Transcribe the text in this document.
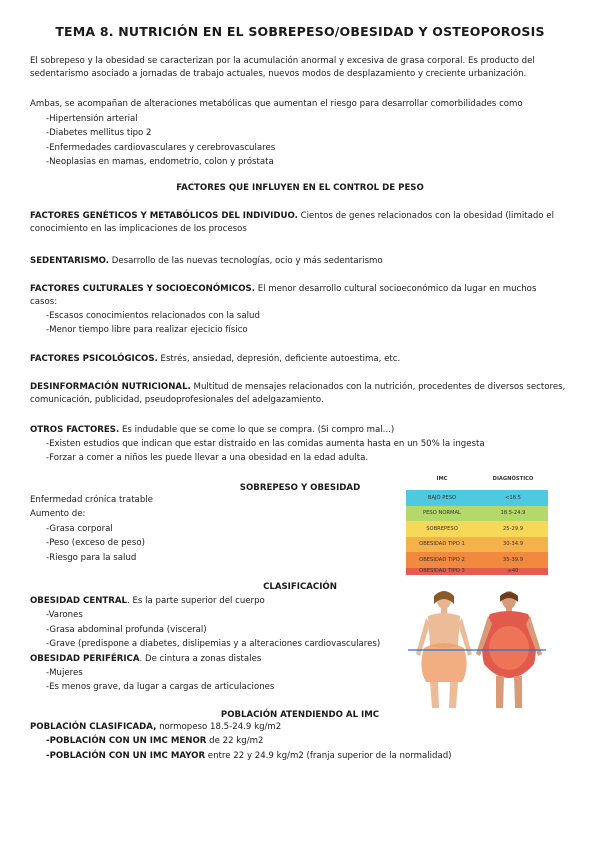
TEMA 8. NUTRICIÓN EN EL SOBREPESO/OBESIDAD Y OSTEOPOROSIS
El sobrepeso y la obesidad se caracterizan por la acumulación anormal y excesiva de grasa corporal. Es producto del sedentarismo asociado a jornadas de trabajo actuales, nuevos modos de desplazamiento y creciente urbanización.
Ambas, se acompañan de alteraciones metabólicas que aumentan el riesgo para desarrollar comorbilidades como
-Hipertensión arterial
-Diabetes mellitus tipo 2
-Enfermedades cardiovasculares y cerebrovasculares
-Neoplasias en mamas, endometrio, colon y próstata
FACTORES QUE INFLUYEN EN EL CONTROL DE PESO
FACTORES GENÉTICOS Y METABÓLICOS DEL INDIVIDUO. Cientos de genes relacionados con la obesidad (limitado el conocimiento en las implicaciones de los procesos
SEDENTARISMO. Desarrollo de las nuevas tecnologías, ocio y más sedentarismo
FACTORES CULTURALES Y SOCIOECONÓMICOS. El menor desarrollo cultural socioeconómico da lugar en muchos casos:
-Escasos conocimientos relacionados con la salud
-Menor tiempo libre para realizar ejecicio físico
FACTORES PSICOLÓGICOS. Estrés, ansiedad, depresión, deficiente autoestima, etc.
DESINFORMACIÓN NUTRICIONAL. Multitud de mensajes relacionados con la nutrición, procedentes de diversos sectores, comunicación, publicidad, pseudoprofesionales del adelgazamiento.
OTROS FACTORES. Es indudable que se come lo que se compra. (Si compro mal...)
-Existen estudios que indican que estar distraido en las comidas aumenta hasta en un 50% la ingesta
-Forzar a comer a niños les puede llevar a una obesidad en la edad adulta.
SOBREPESO Y OBESIDAD
Enfermedad crónica tratable
Aumento de:
-Grasa corporal
-Peso (exceso de peso)
-Riesgo para la salud
CLASIFICACIÓN
OBESIDAD CENTRAL. Es la parte superior del cuerpo
-Varones
-Grasa abdominal profunda (visceral)
-Grave (predispone a diabetes, dislipemias y a alteraciones cardiovasculares)
OBESIDAD PERIFÉRICA. De cintura a zonas distales
-Mujeres
-Es menos grave, da lugar a cargas de articulaciones
POBLACIÓN ATENDIENDO AL IMC
POBLACIÓN CLASIFICADA, normopeso 18.5-24.9 kg/m2
-POBLACIÓN CON UN IMC MENOR de 22 kg/m2
-POBLACIÓN CON UN IMC MAYOR entre 22 y 24.9 kg/m2 (franja superior de la normalidad)
IMC	DIAGNÓSTICO
BAJO PESO	<18.5
PESO NORMAL	18.5-24.9
SOBREPESO	25-29.9
OBESIDAD TIPO 1	30-34.9
OBESIDAD TIPO 2	35-39.9
OBESIDAD TIPO 3	≥40
